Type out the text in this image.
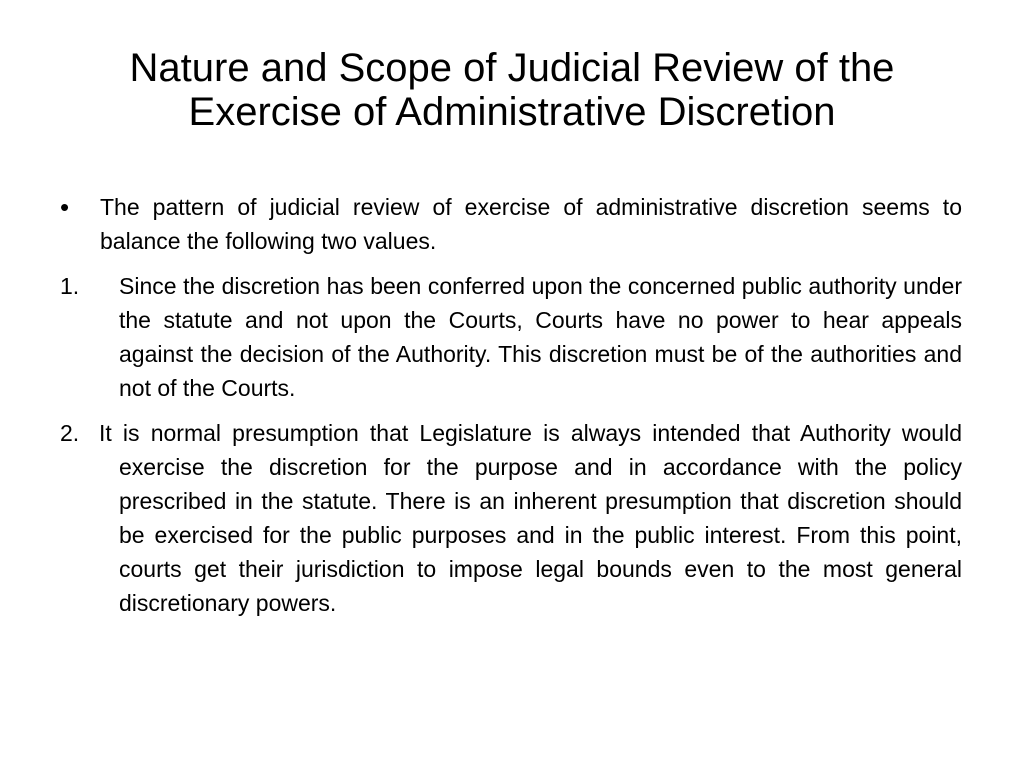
Nature and Scope of Judicial Review of the
Exercise of Administrative Discretion
•	The pattern of judicial review of exercise of administrative discretion seems to balance the following two values.
1. Since the discretion has been conferred upon the concerned public authority under the statute and not upon the Courts, Courts have no power to hear appeals against the decision of the Authority. This discretion must be of the authorities and not of the Courts.
2. It is normal presumption that Legislature is always intended that Authority would exercise the discretion for the purpose and in accordance with the policy prescribed in the statute. There is an inherent presumption that discretion should be exercised for the public purposes and in the public interest. From this point, courts get their jurisdiction to impose legal bounds even to the most general discretionary powers.
